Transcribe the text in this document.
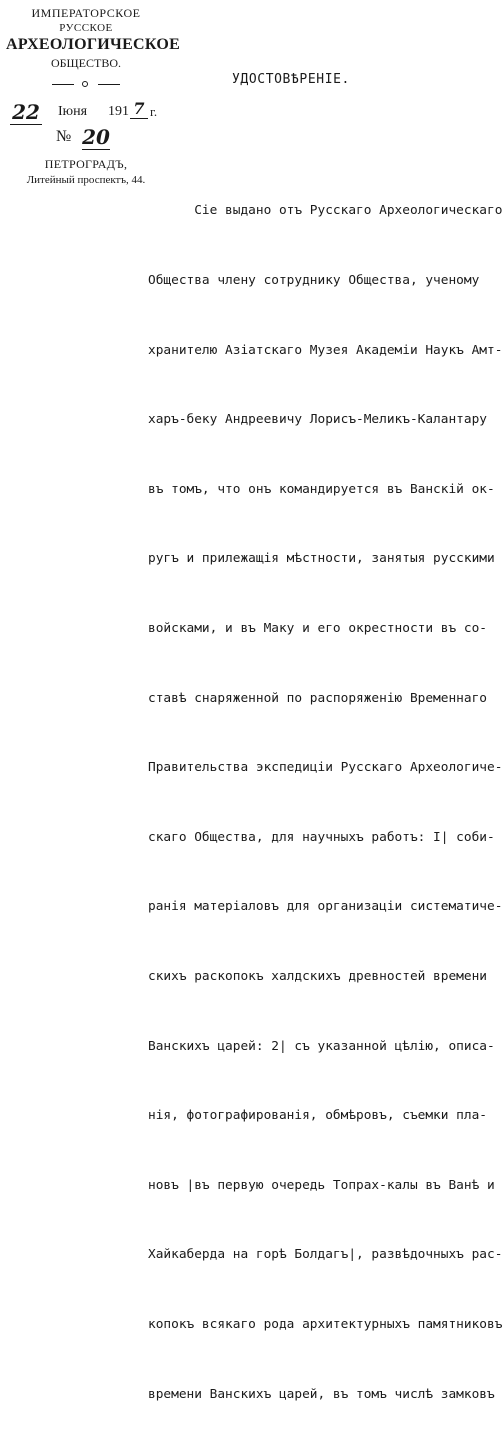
ИМПЕРАТОРСКОЕ
РУССКОЕ
АРХЕОЛОГИЧЕСКОЕ
ОБЩЕСТВО.
22 Іюня 191 7 г.
№ 20
ПЕТРОГРАДЪ,
Литейный проспектъ, 44.
УДОСТОВѢРЕНІЕ.

Сіе выдано отъ Русскаго Археологическаго

Общества члену сотруднику Общества, ученому

хранителю Азіатскаго Музея Академіи Наукъ Амт-

харъ-беку Андреевичу Лорисъ-Меликъ-Калантару

въ томъ, что онъ командируется въ Ванскій ок-

ругъ и прилежащія мѣстности, занятыя русскими

войсками, и въ Маку и его окрестности въ со-

ставѣ снаряженной по распоряженію Временнаго

Правительства экспедиціи Русскаго Археологиче-

скаго Общества, для научныхъ работъ: І| соби-

ранія матеріаловъ для организаціи систематиче-

скихъ раскопокъ халдскихъ древностей времени

Ванскихъ царей: 2| съ указанной цѣлію, описа-

нія, фотографированія, обмѣровъ, съемки пла-

новъ |въ первую очередь Топрах-калы въ Ванѣ и

Хайкаберда на горѣ Болдагъ|, развѣдочныхъ рас-

копокъ всякаго рода архитектурныхъ памятниковъ

времени Ванскихъ царей, въ томъ числѣ замковъ
